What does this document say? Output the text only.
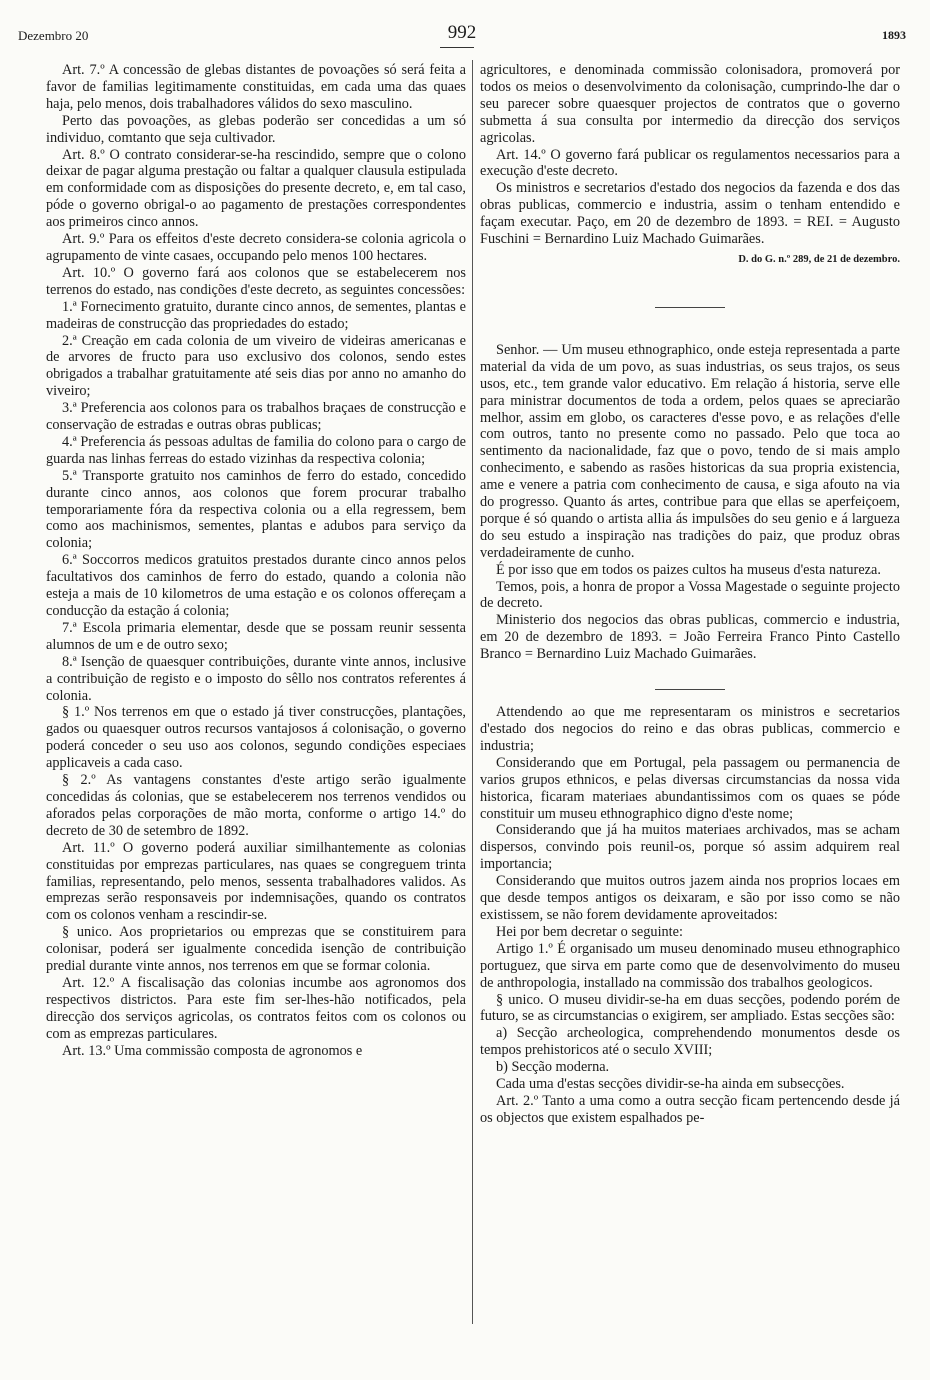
Dezembro 20	992	1893

Art. 7.º A concessão de glebas distantes de povoações só será feita a favor de familias legitimamente constituidas, em cada uma das quaes haja, pelo menos, dois trabalhadores válidos do sexo masculino.

Perto das povoações, as glebas poderão ser concedidas a um só individuo, comtanto que seja cultivador.

Art. 8.º O contrato considerar-se-ha rescindido, sempre que o colono deixar de pagar alguma prestação ou faltar a qualquer clausula estipulada em conformidade com as disposições do presente decreto, e, em tal caso, póde o governo obrigal-o ao pagamento de prestações correspondentes aos primeiros cinco annos.

Art. 9.º Para os effeitos d'este decreto considera-se colonia agricola o agrupamento de vinte casaes, occupando pelo menos 100 hectares.

Art. 10.º O governo fará aos colonos que se estabelecerem nos terrenos do estado, nas condições d'este decreto, as seguintes concessões:

1.ª Fornecimento gratuito, durante cinco annos, de sementes, plantas e madeiras de construcção das propriedades do estado;

2.ª Creação em cada colonia de um viveiro de videiras americanas e de arvores de fructo para uso exclusivo dos colonos, sendo estes obrigados a trabalhar gratuitamente até seis dias por anno no amanho do viveiro;

3.ª Preferencia aos colonos para os trabalhos braçaes de construcção e conservação de estradas e outras obras publicas;

4.ª Preferencia ás pessoas adultas de familia do colono para o cargo de guarda nas linhas ferreas do estado vizinhas da respectiva colonia;

5.ª Transporte gratuito nos caminhos de ferro do estado, concedido durante cinco annos, aos colonos que forem procurar trabalho temporariamente fóra da respectiva colonia ou a ella regressem, bem como aos machinismos, sementes, plantas e adubos para serviço da colonia;

6.ª Soccorros medicos gratuitos prestados durante cinco annos pelos facultativos dos caminhos de ferro do estado, quando a colonia não esteja a mais de 10 kilometros de uma estação e os colonos offereçam a conducção da estação á colonia;

7.ª Escola primaria elementar, desde que se possam reunir sessenta alumnos de um e de outro sexo;

8.ª Isenção de quaesquer contribuições, durante vinte annos, inclusive a contribuição de registo e o imposto do sêllo nos contratos referentes á colonia.

§ 1.º Nos terrenos em que o estado já tiver construcções, plantações, gados ou quaesquer outros recursos vantajosos á colonisação, o governo poderá conceder o seu uso aos colonos, segundo condições especiaes applicaveis a cada caso.

§ 2.º As vantagens constantes d'este artigo serão igualmente concedidas ás colonias, que se estabelecerem nos terrenos vendidos ou aforados pelas corporações de mão morta, conforme o artigo 14.º do decreto de 30 de setembro de 1892.

Art. 11.º O governo poderá auxiliar similhantemente as colonias constituidas por emprezas particulares, nas quaes se congreguem trinta familias, representando, pelo menos, sessenta trabalhadores validos. As emprezas serão responsaveis por indemnisações, quando os contratos com os colonos venham a rescindir-se.

§ unico. Aos proprietarios ou emprezas que se constituirem para colonisar, poderá ser igualmente concedida isenção de contribuição predial durante vinte annos, nos terrenos em que se formar colonia.

Art. 12.º A fiscalisação das colonias incumbe aos agronomos dos respectivos districtos. Para este fim ser-lhes-hão notificados, pela direcção dos serviços agricolas, os contratos feitos com os colonos ou com as emprezas particulares.

Art. 13.º Uma commissão composta de agronomos e

agricultores, e denominada commissão colonisadora, promoverá por todos os meios o desenvolvimento da colonisação, cumprindo-lhe dar o seu parecer sobre quaesquer projectos de contratos que o governo submetta á sua consulta por intermedio da direcção dos serviços agricolas.

Art. 14.º O governo fará publicar os regulamentos necessarios para a execução d'este decreto.

Os ministros e secretarios d'estado dos negocios da fazenda e dos das obras publicas, commercio e industria, assim o tenham entendido e façam executar. Paço, em 20 de dezembro de 1893. = REI. = Augusto Fuschini = Bernardino Luiz Machado Guimarães.

D. do G. n.º 289, de 21 de dezembro.

Senhor. — Um museu ethnographico, onde esteja representada a parte material da vida de um povo, as suas industrias, os seus trajos, os seus usos, etc., tem grande valor educativo. Em relação á historia, serve elle para ministrar documentos de toda a ordem, pelos quaes se apreciarão melhor, assim em globo, os caracteres d'esse povo, e as relações d'elle com outros, tanto no presente como no passado. Pelo que toca ao sentimento da nacionalidade, faz que o povo, tendo de si mais amplo conhecimento, e sabendo as rasões historicas da sua propria existencia, ame e venere a patria com conhecimento de causa, e siga afouto na via do progresso. Quanto ás artes, contribue para que ellas se aperfeiçoem, porque é só quando o artista allia ás impulsões do seu genio e á largueza do seu estudo a inspiração nas tradições do paiz, que produz obras verdadeiramente de cunho.

É por isso que em todos os paizes cultos ha museus d'esta natureza.

Temos, pois, a honra de propor a Vossa Magestade o seguinte projecto de decreto.

Ministerio dos negocios das obras publicas, commercio e industria, em 20 de dezembro de 1893. = João Ferreira Franco Pinto Castello Branco = Bernardino Luiz Machado Guimarães.

Attendendo ao que me representaram os ministros e secretarios d'estado dos negocios do reino e das obras publicas, commercio e industria;

Considerando que em Portugal, pela passagem ou permanencia de varios grupos ethnicos, e pelas diversas circumstancias da nossa vida historica, ficaram materiaes abundantissimos com os quaes se póde constituir um museu ethnographico digno d'este nome;

Considerando que já ha muitos materiaes archivados, mas se acham dispersos, convindo pois reunil-os, porque só assim adquirem real importancia;

Considerando que muitos outros jazem ainda nos proprios locaes em que desde tempos antigos os deixaram, e são por isso como se não existissem, se não forem devidamente aproveitados:

Hei por bem decretar o seguinte:

Artigo 1.º É organisado um museu denominado museu ethnographico portuguez, que sirva em parte como que de desenvolvimento do museu de anthropologia, installado na commissão dos trabalhos geologicos.

§ unico. O museu dividir-se-ha em duas secções, podendo porém de futuro, se as circumstancias o exigirem, ser ampliado. Estas secções são:

a) Secção archeologica, comprehendendo monumentos desde os tempos prehistoricos até o seculo XVIII;

b) Secção moderna.

Cada uma d'estas secções dividir-se-ha ainda em subsecções.

Art. 2.º Tanto a uma como a outra secção ficam pertencendo desde já os objectos que existem espalhados pe-
